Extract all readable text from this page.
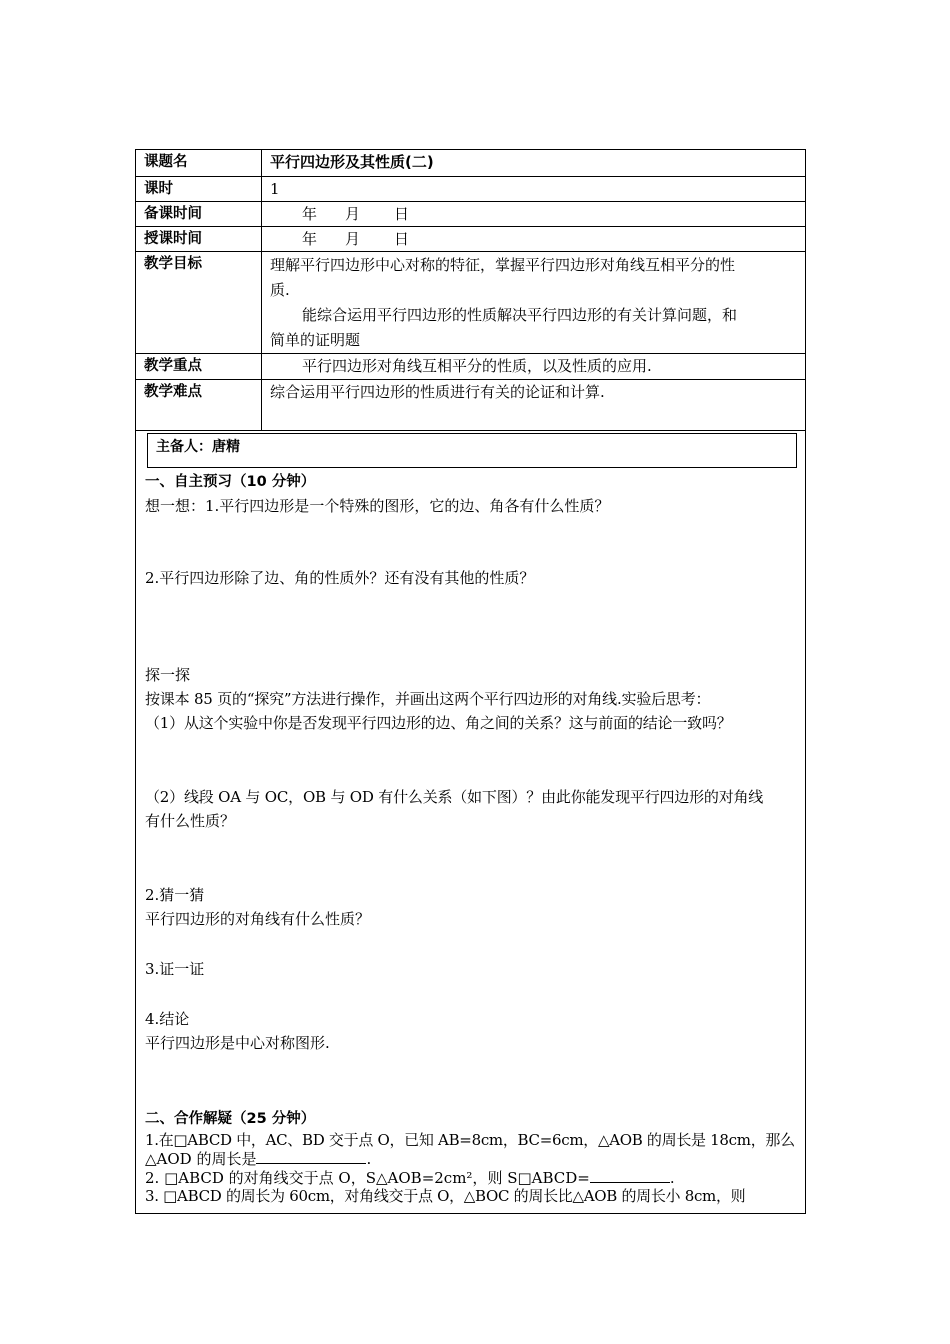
课题名	平行四边形及其性质(二)
课时	1
备课时间	年 月 日
授课时间	年 月 日
教学目标	理解平行四边形中心对称的特征，掌握平行四边形对角线互相平分的性
质.
能综合运用平行四边形的性质解决平行四边形的有关计算问题，和
简单的证明题

教学重点	平行四边形对角线互相平分的性质，以及性质的应用.
教学难点	综合运用平行四边形的性质进行有关的论证和计算.
主备人：唐精

一、自主预习（10 分钟）

想一想：1.平行四边形是一个特殊的图形，它的边、角各有什么性质？

2.平行四边形除了边、角的性质外？还有没有其他的性质？

探一探

按课本 85 页的“探究”方法进行操作，并画出这两个平行四边形的对角线.实验后思考：

（1）从这个实验中你是否发现平行四边形的边、角之间的关系？这与前面的结论一致吗？

（2）线段 OA 与 OC，OB 与 OD 有什么关系（如下图）？由此你能发现平行四边形的对角线

有什么性质？

2.猜一猜

平行四边形的对角线有什么性质？

3.证一证

4.结论

平行四边形是中心对称图形.

二、合作解疑（25 分钟）

1.在□ABCD 中，AC、BD 交于点 O，已知 AB=8cm，BC=6cm，△AOB 的周长是 18cm，那么

△AOD 的周长是	.

2. □ABCD 的对角线交于点 O，S△AOB=2cm²，则 S□ABCD=	.

3. □ABCD 的周长为 60cm，对角线交于点 O，△BOC 的周长比△AOB 的周长小 8cm，则
